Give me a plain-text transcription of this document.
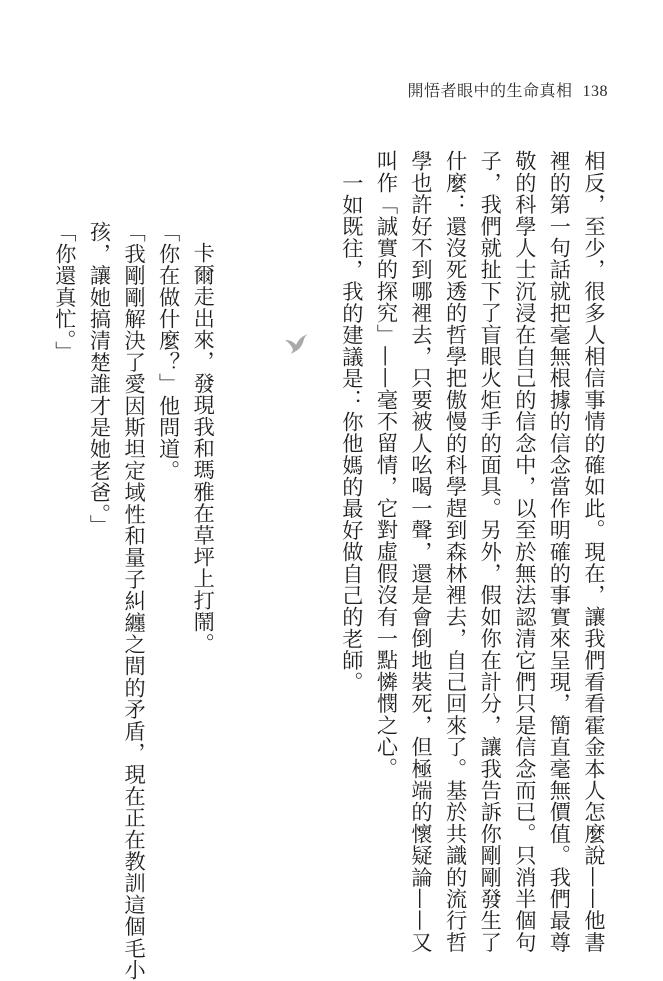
開悟者眼中的生命真相 138
相反，至少，很多人相信事情的確如此。現在，讓我們看看霍金本人怎麼說——他書
裡的第一句話就把毫無根據的信念當作明確的事實來呈現，簡直毫無價值。我們最尊
敬的科學人士沉浸在自己的信念中，以至於無法認清它們只是信念而已。只消半個句
子，我們就扯下了盲眼火炬手的面具。另外，假如你在計分，讓我告訴你剛剛發生了
什麼：還沒死透的哲學把傲慢的科學趕到森林裡去，自己回來了。基於共識的流行哲
學也許好不到哪裡去，只要被人吆喝一聲，還是會倒地裝死，但極端的懷疑論——又
叫作「誠實的探究」——毫不留情，它對虛假沒有一點憐憫之心。
一如既往，我的建議是：你他媽的最好做自己的老師。
卡爾走出來，發現我和瑪雅在草坪上打鬧。
「你在做什麼？」他問道。
「我剛剛解決了愛因斯坦定域性和量子糾纏之間的矛盾，現在正在教訓這個毛小
孩，讓她搞清楚誰才是她老爸。」
「你還真忙。」
